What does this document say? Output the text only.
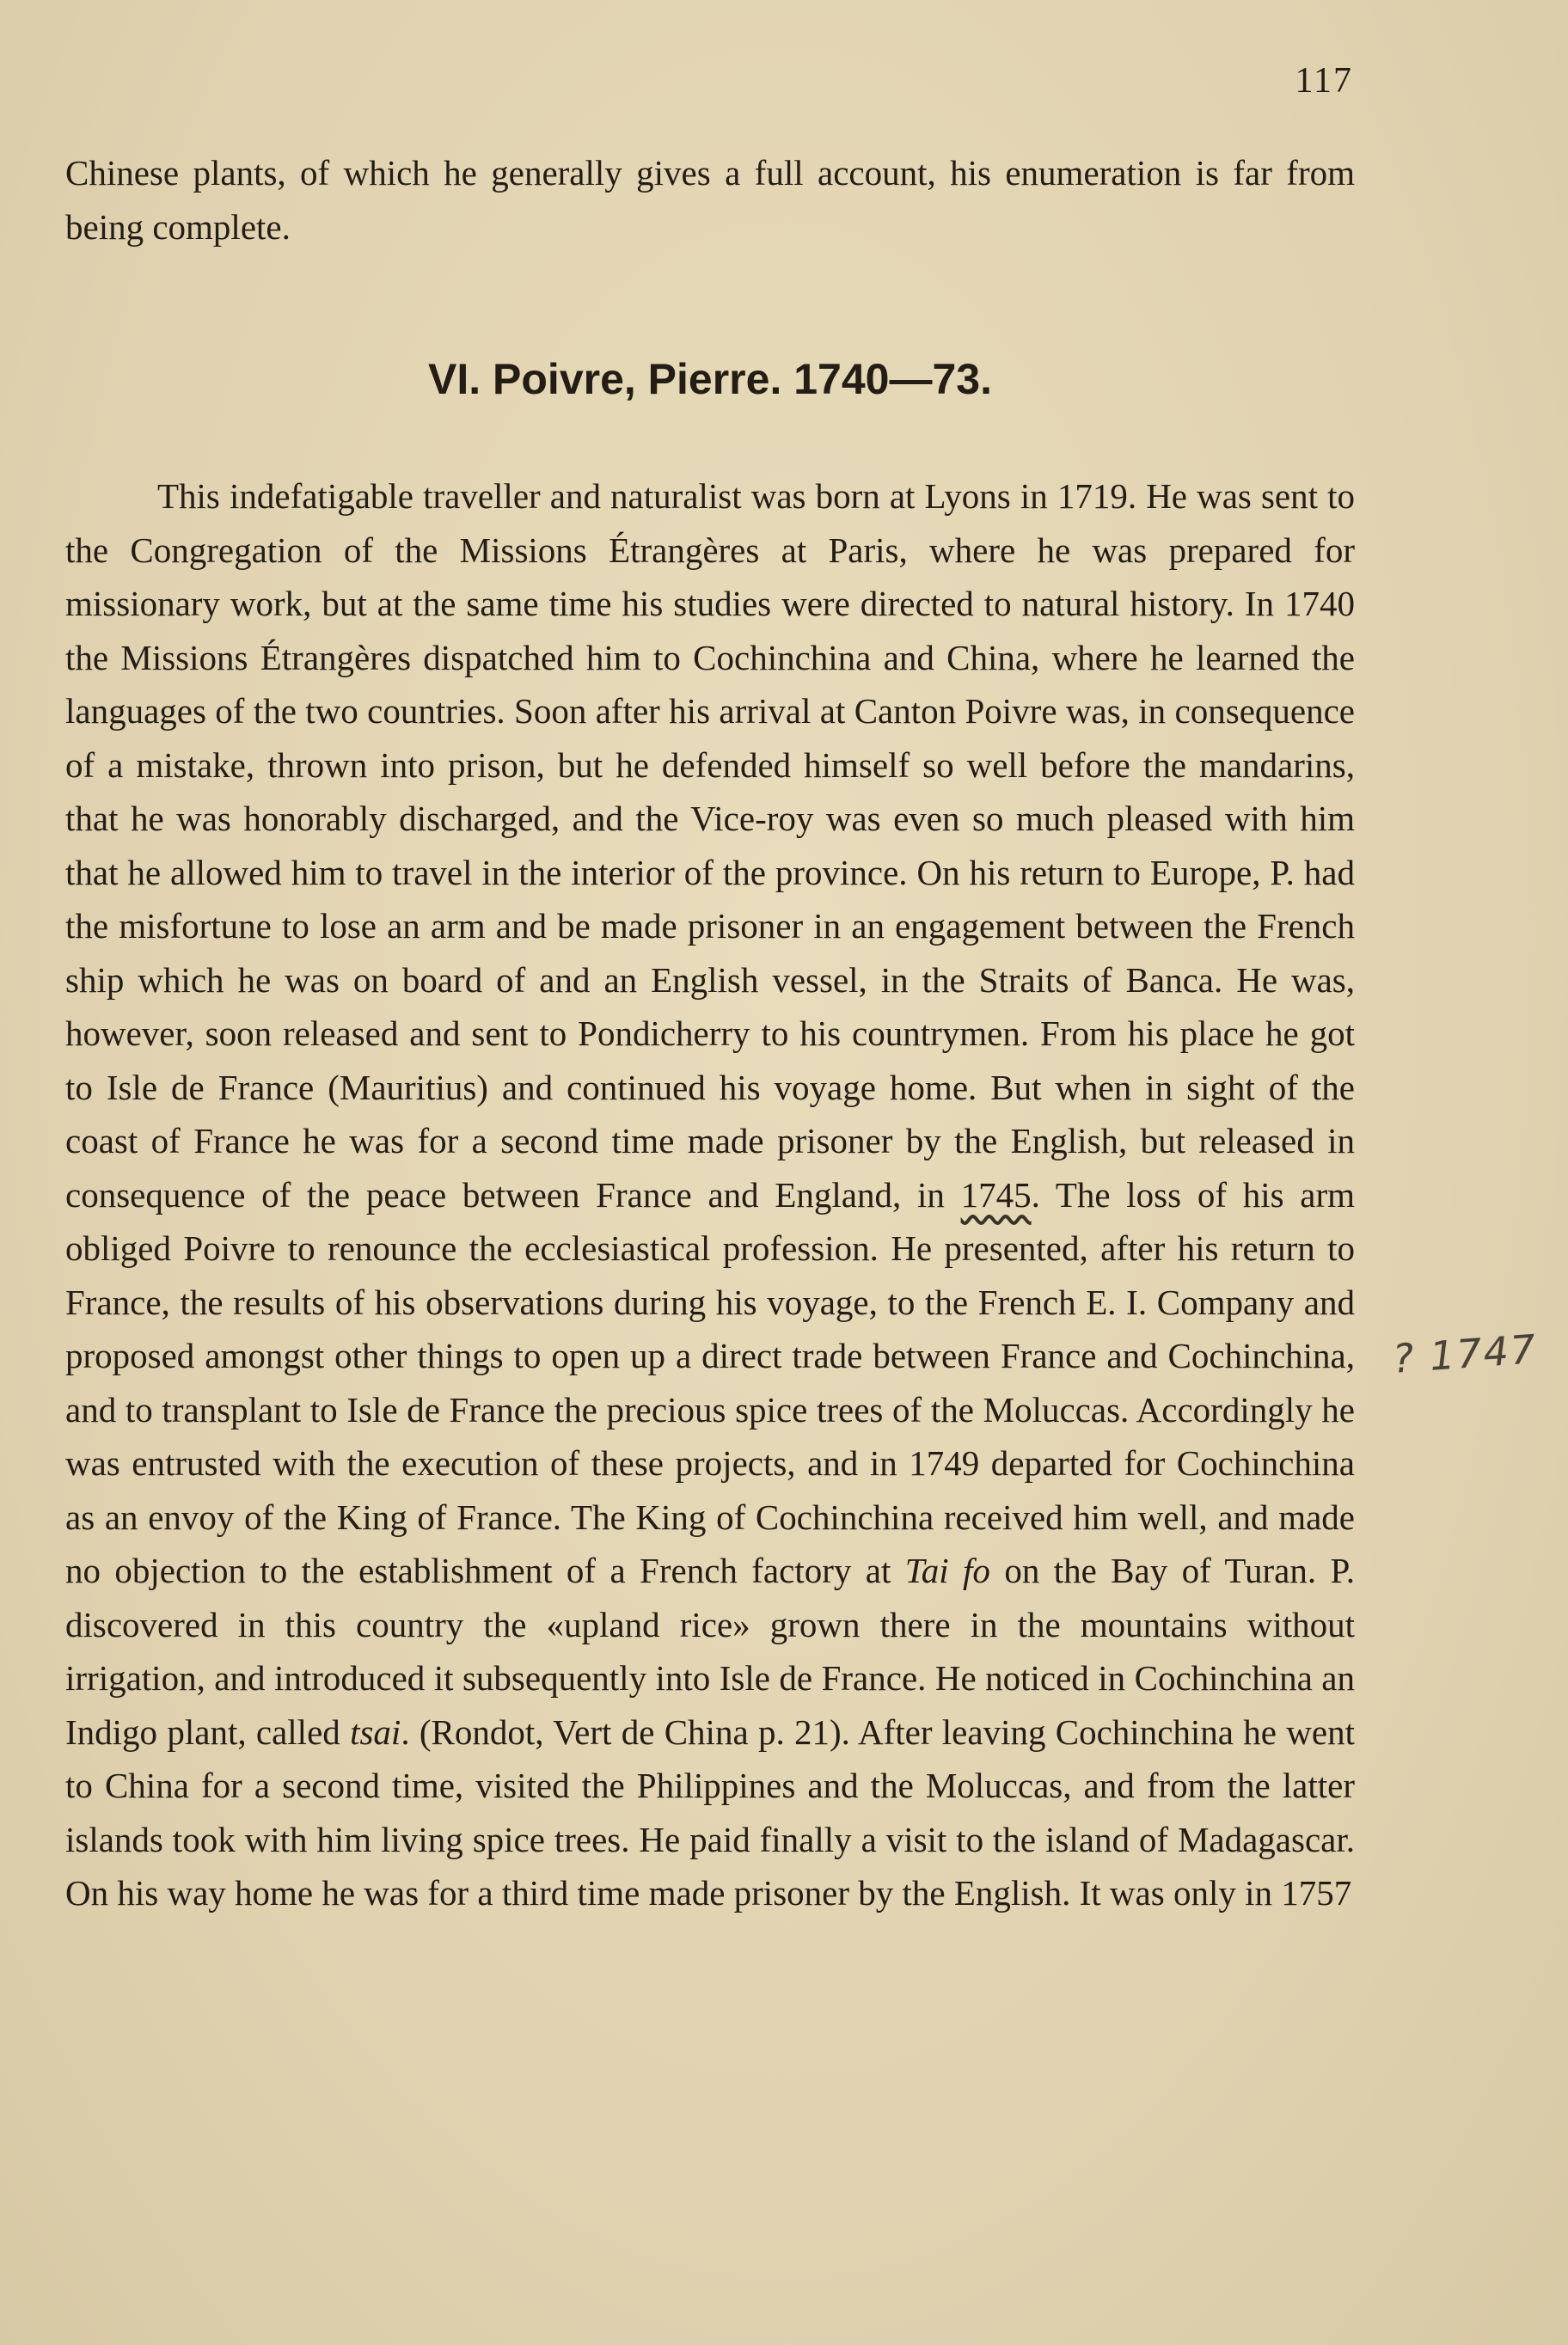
117

Chinese plants, of which he generally gives a full account, his enumeration is far from being complete.

VI. Poivre, Pierre. 1740—73.

This indefatigable traveller and naturalist was born at Lyons in 1719. He was sent to the Congregation of the Missions Étrangères at Paris, where he was prepared for missionary work, but at the same time his studies were directed to natural history. In 1740 the Missions Étrangères dispatched him to Cochinchina and China, where he learned the languages of the two countries. Soon after his arrival at Canton Poivre was, in consequence of a mistake, thrown into prison, but he defended himself so well before the mandarins, that he was honorably discharged, and the Vice-roy was even so much pleased with him that he allowed him to travel in the interior of the province. On his return to Europe, P. had the misfortune to lose an arm and be made prisoner in an engagement between the French ship which he was on board of and an English vessel, in the Straits of Banca. He was, however, soon released and sent to Pondicherry to his countrymen. From his place he got to Isle de France (Mauritius) and continued his voyage home. But when in sight of the coast of France he was for a second time made prisoner by the English, but released in consequence of the peace between France and England, in 1745. The loss of his arm obliged Poivre to renounce the ecclesiastical profession. He presented, after his return to France, the results of his observations during his voyage, to the French E. I. Company and proposed amongst other things to open up a direct trade between France and Cochinchina, and to transplant to Isle de France the precious spice trees of the Moluccas. Accordingly he was entrusted with the execution of these projects, and in 1749 departed for Cochinchina as an envoy of the King of France. The King of Cochinchina received him well, and made no objection to the establishment of a French factory at Tai fo on the Bay of Turan. P. discovered in this country the «upland rice» grown there in the mountains without irrigation, and introduced it subsequently into Isle de France. He noticed in Cochinchina an Indigo plant, called tsai. (Rondot, Vert de China p. 21). After leaving Cochinchina he went to China for a second time, visited the Philippines and the Moluccas, and from the latter islands took with him living spice trees. He paid finally a visit to the island of Madagascar. On his way home he was for a third time made prisoner by the English. It was only in 1757

? 1747
